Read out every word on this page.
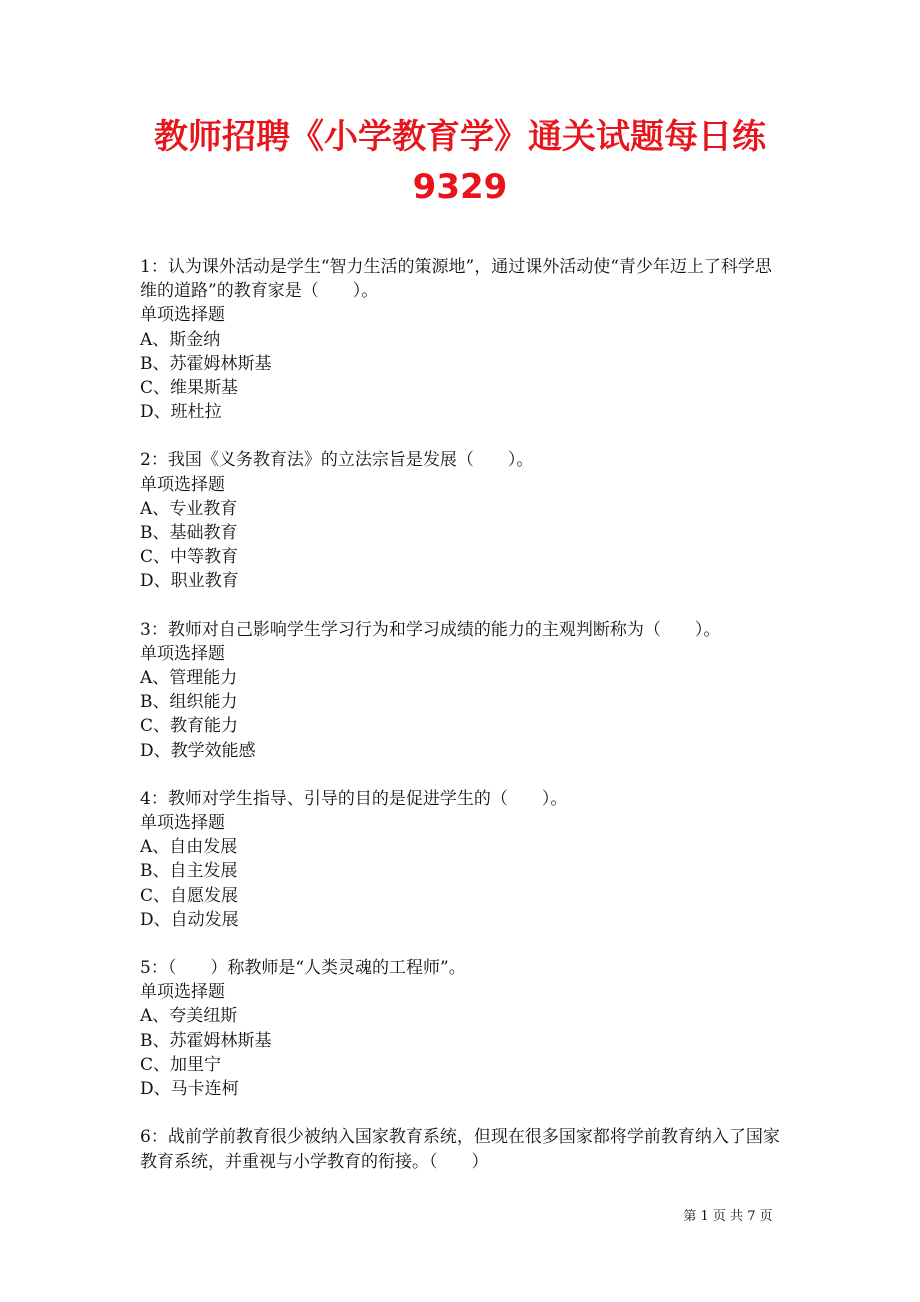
教师招聘《小学教育学》通关试题每日练
9329

1：认为课外活动是学生“智力生活的策源地”，通过课外活动使“青少年迈上了科学思维的道路”的教育家是（　　）。

单项选择题

A、斯金纳

B、苏霍姆林斯基

C、维果斯基

D、班杜拉

2：我国《义务教育法》的立法宗旨是发展（　　）。

单项选择题

A、专业教育

B、基础教育

C、中等教育

D、职业教育

3：教师对自己影响学生学习行为和学习成绩的能力的主观判断称为（　　）。

单项选择题

A、管理能力

B、组织能力

C、教育能力

D、教学效能感

4：教师对学生指导、引导的目的是促进学生的（　　）。

单项选择题

A、自由发展

B、自主发展

C、自愿发展

D、自动发展

5：（　　）称教师是“人类灵魂的工程师”。

单项选择题

A、夸美纽斯

B、苏霍姆林斯基

C、加里宁

D、马卡连柯

6：战前学前教育很少被纳入国家教育系统，但现在很多国家都将学前教育纳入了国家教育系统，并重视与小学教育的衔接。（　　）

第 1 页 共 7 页
